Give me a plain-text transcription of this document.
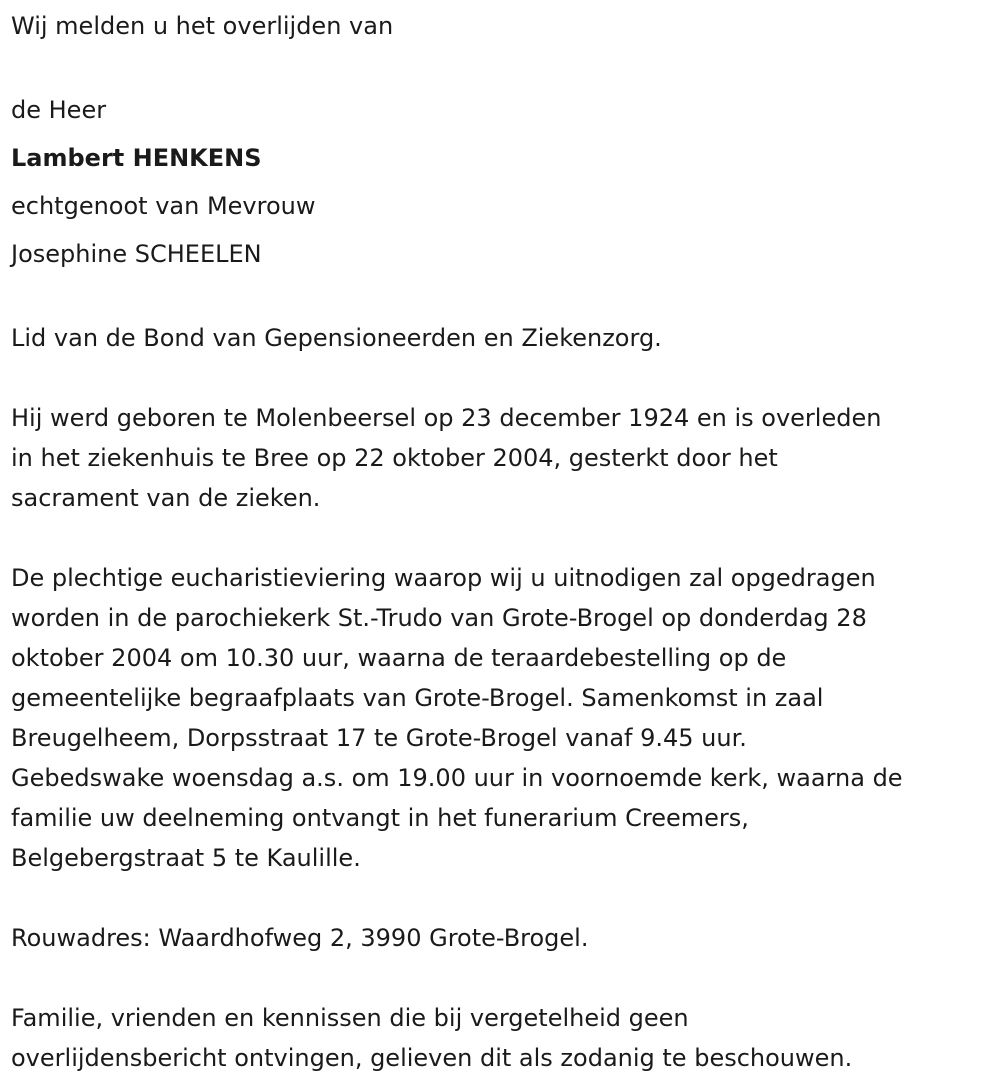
Wij melden u het overlijden van

de Heer

Lambert HENKENS

echtgenoot van Mevrouw

Josephine SCHEELEN

Lid van de Bond van Gepensioneerden en Ziekenzorg.

Hij werd geboren te Molenbeersel op 23 december 1924 en is overleden

in het ziekenhuis te Bree op 22 oktober 2004, gesterkt door het

sacrament van de zieken.

De plechtige eucharistieviering waarop wij u uitnodigen zal opgedragen

worden in de parochiekerk St.-Trudo van Grote-Brogel op donderdag 28

oktober 2004 om 10.30 uur, waarna de teraardebestelling op de

gemeentelijke begraafplaats van Grote-Brogel. Samenkomst in zaal

Breugelheem, Dorpsstraat 17 te Grote-Brogel vanaf 9.45 uur.

Gebedswake woensdag a.s. om 19.00 uur in voornoemde kerk, waarna de

familie uw deelneming ontvangt in het funerarium Creemers,

Belgebergstraat 5 te Kaulille.

Rouwadres: Waardhofweg 2, 3990 Grote-Brogel.

Familie, vrienden en kennissen die bij vergetelheid geen

overlijdensbericht ontvingen, gelieven dit als zodanig te beschouwen.
